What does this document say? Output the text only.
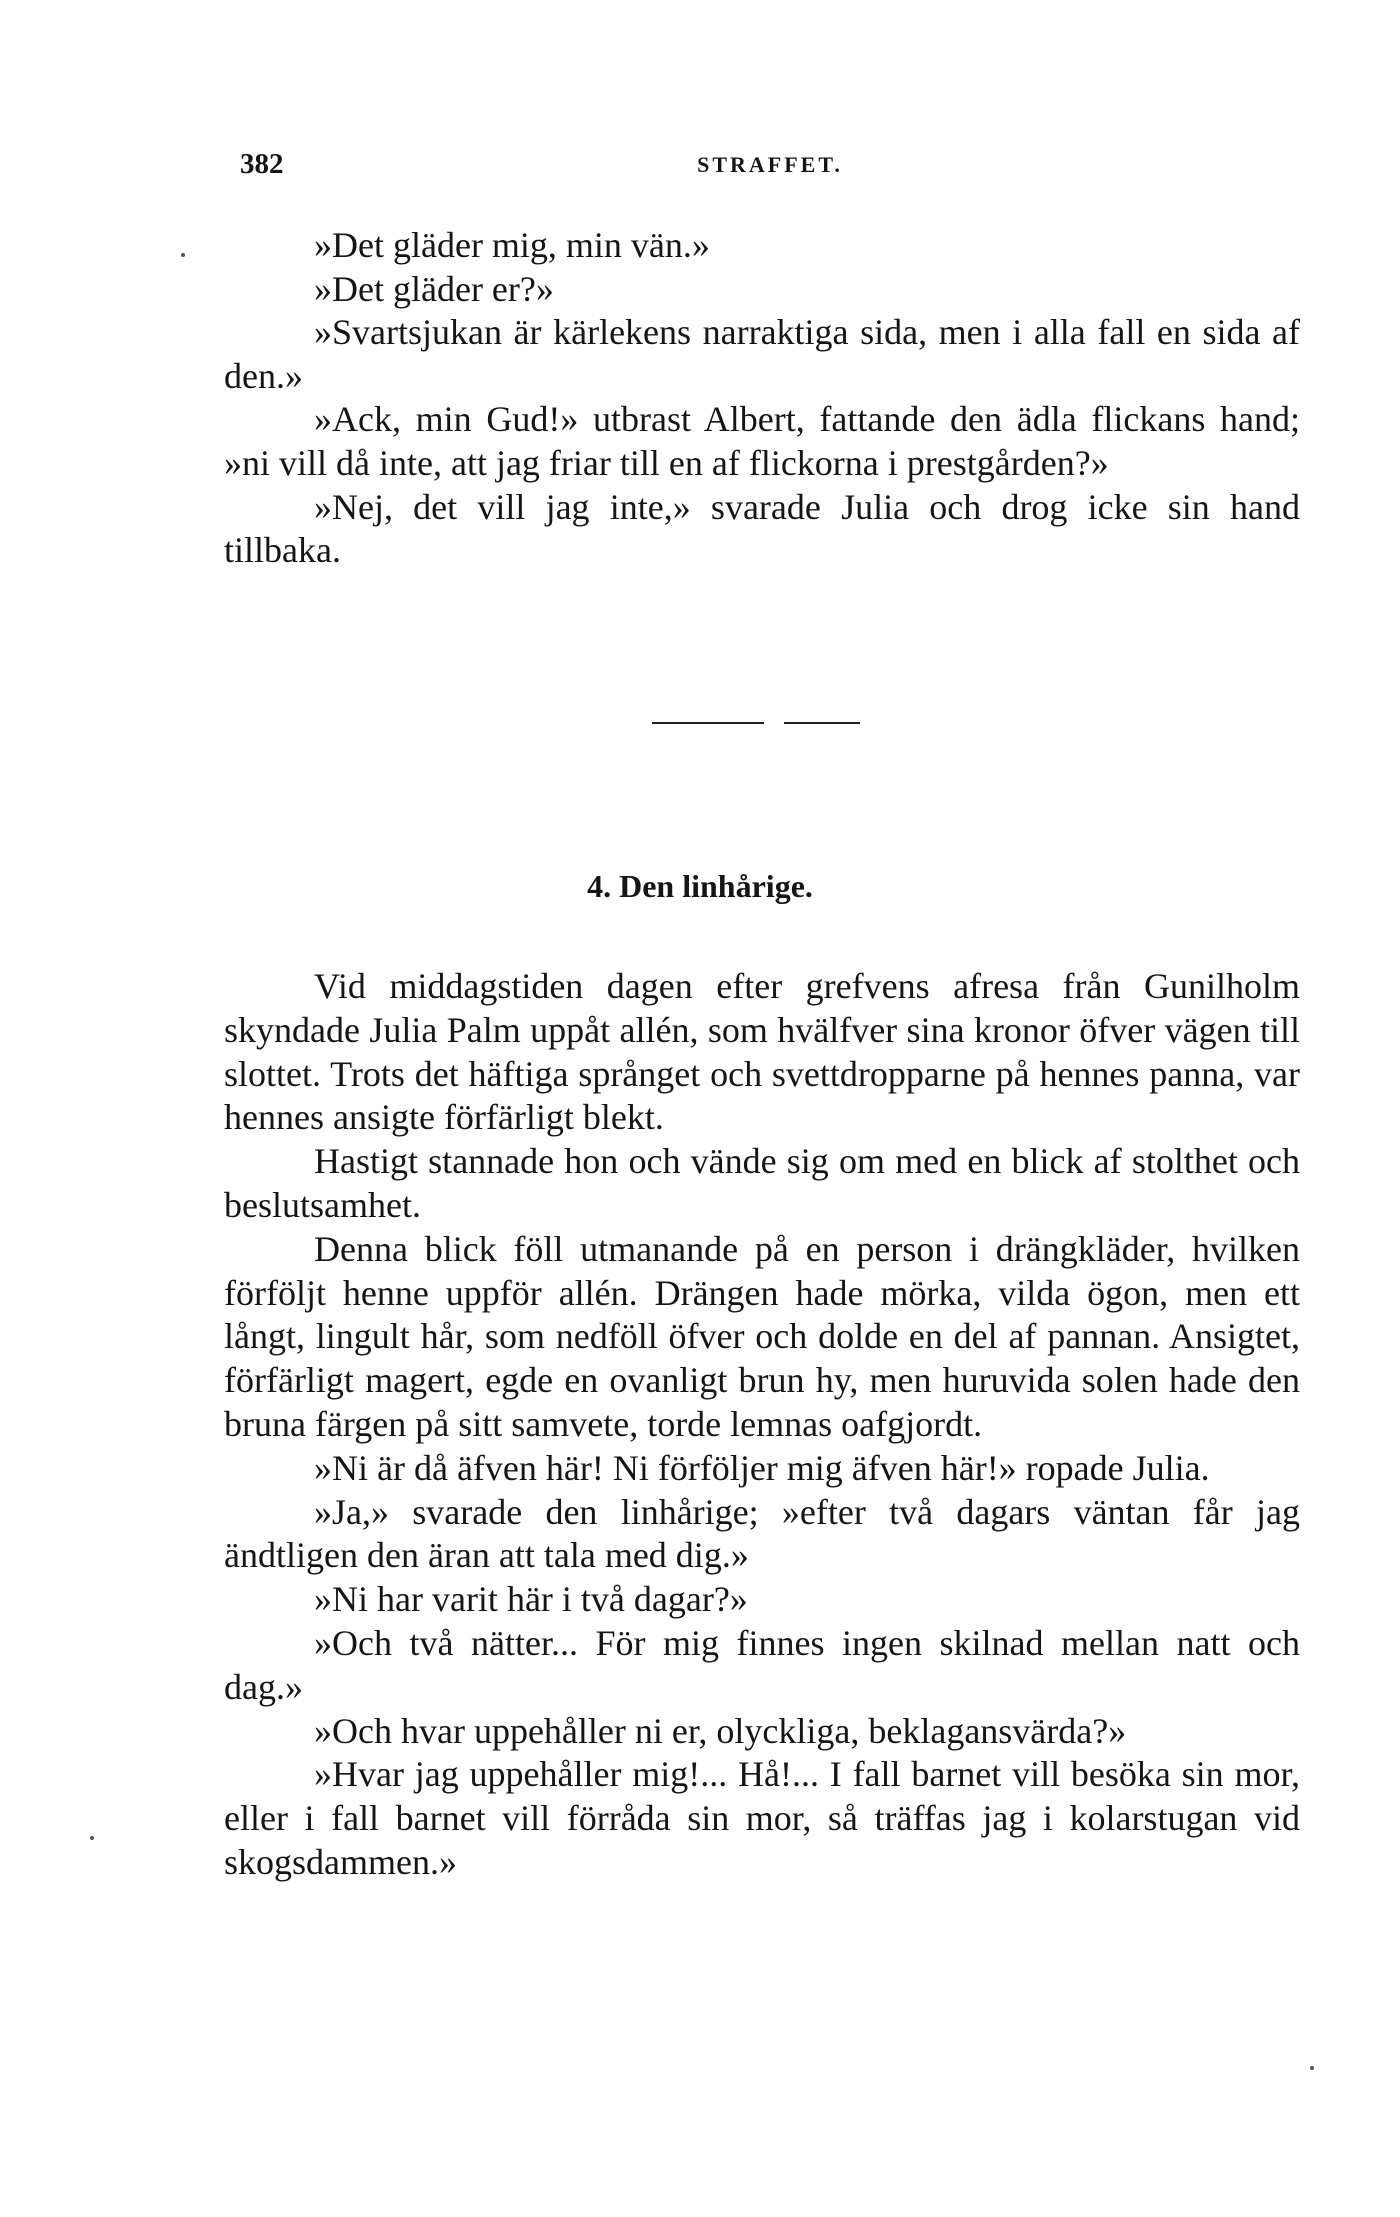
382	STRAFFET.

»Det gläder mig, min vän.»

»Det gläder er?»

»Svartsjukan är kärlekens narraktiga sida, men i alla fall en sida af den.»

»Ack, min Gud!» utbrast Albert, fattande den ädla flickans hand; »ni vill då inte, att jag friar till en af flickorna i prestgården?»

»Nej, det vill jag inte,» svarade Julia och drog icke sin hand tillbaka.

4. Den linhårige.

Vid middagstiden dagen efter grefvens afresa från Gunilholm skyndade Julia Palm uppåt allén, som hvälfver sina kronor öfver vägen till slottet. Trots det häftiga språnget och svettdropparne på hennes panna, var hennes ansigte förfärligt blekt.

Hastigt stannade hon och vände sig om med en blick af stolthet och beslutsamhet.

Denna blick föll utmanande på en person i drängkläder, hvilken förföljt henne uppför allén. Drängen hade mörka, vilda ögon, men ett långt, lingult hår, som nedföll öfver och dolde en del af pannan. Ansigtet, förfärligt magert, egde en ovanligt brun hy, men huruvida solen hade den bruna färgen på sitt samvete, torde lemnas oafgjordt.

»Ni är då äfven här! Ni förföljer mig äfven här!» ropade Julia.

»Ja,» svarade den linhårige; »efter två dagars väntan får jag ändtligen den äran att tala med dig.»

»Ni har varit här i två dagar?»

»Och två nätter... För mig finnes ingen skilnad mellan natt och dag.»

»Och hvar uppehåller ni er, olyckliga, beklagansvärda?»

»Hvar jag uppehåller mig!... Hå!... I fall barnet vill besöka sin mor, eller i fall barnet vill förråda sin mor, så träffas jag i kolarstugan vid skogsdammen.»
